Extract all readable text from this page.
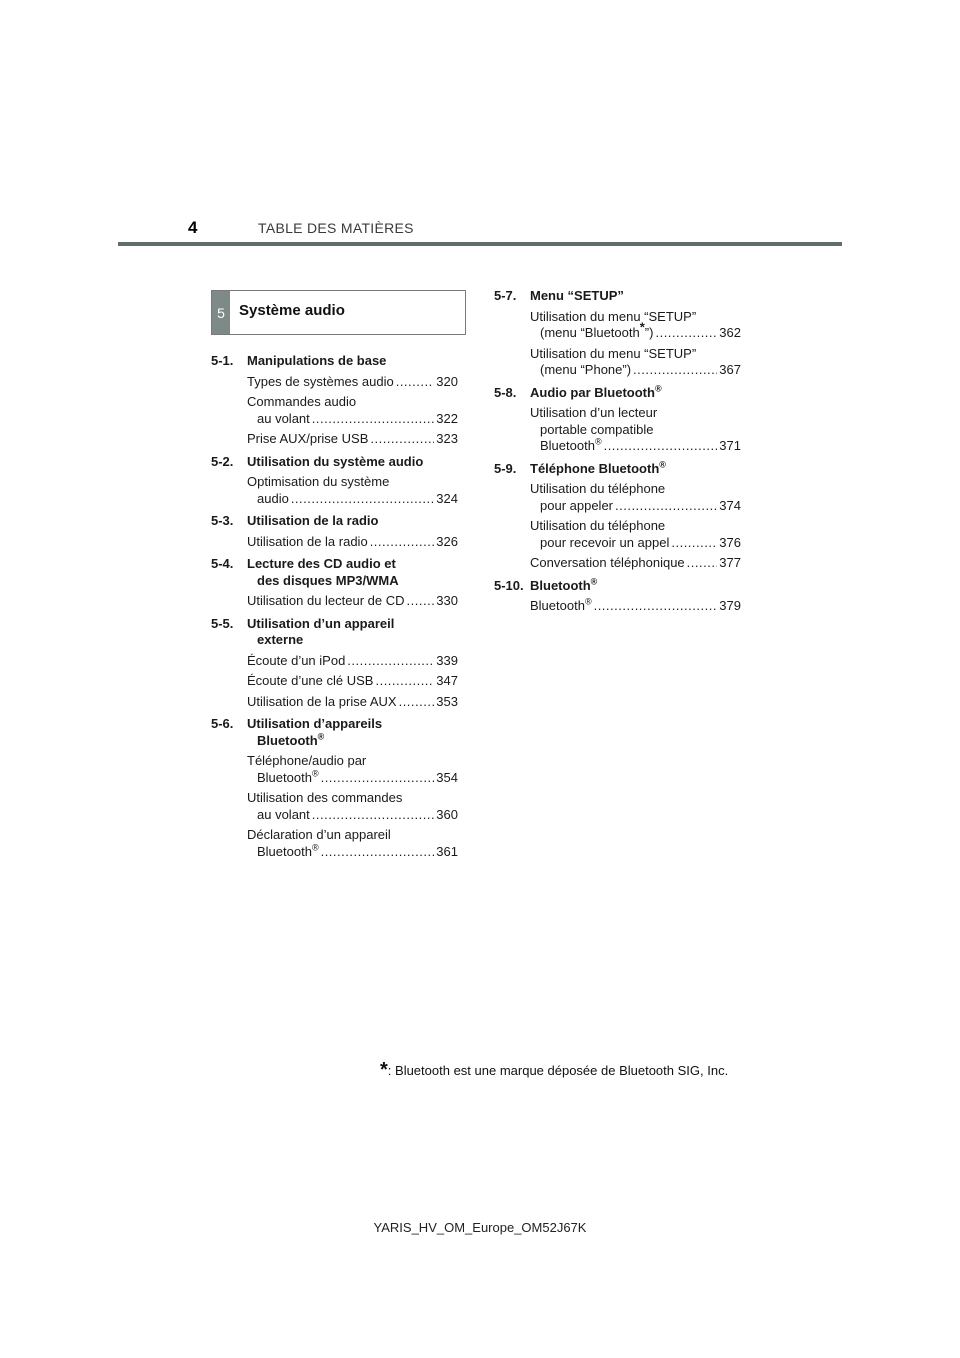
4	TABLE DES MATIÈRES
5 Système audio
5-1.	Manipulations de base
Types de systèmes audio .....	320
Commandes audio
au volant .....	322
Prise AUX/prise USB .....	323
5-2.	Utilisation du système audio
Optimisation du système
audio .....	324
5-3.	Utilisation de la radio
Utilisation de la radio .....	326
5-4.	Lecture des CD audio et
des disques MP3/WMA
Utilisation du lecteur de CD ..... 330
5-5.	Utilisation d’un appareil
externe
Écoute d’un iPod .....	339
Écoute d’une clé USB .....	347
Utilisation de la prise AUX .....	353
5-6.	Utilisation d’appareils
Bluetooth®
Téléphone/audio par
Bluetooth® .....	354
Utilisation des commandes
au volant .....	360
Déclaration d’un appareil
Bluetooth® .....	361
5-7.	Menu “SETUP”
Utilisation du menu “SETUP”
(menu “Bluetooth*”) .....	362
Utilisation du menu “SETUP”
(menu “Phone”) .....	367
5-8.	Audio par Bluetooth®
Utilisation d’un lecteur
portable compatible
Bluetooth® .....	371
5-9.	Téléphone Bluetooth®
Utilisation du téléphone
pour appeler .....	374
Utilisation du téléphone
pour recevoir un appel .....	376
Conversation téléphonique .....	377
5-10. Bluetooth®
Bluetooth® .....	379
*: Bluetooth est une marque déposée de Bluetooth SIG, Inc.
YARIS_HV_OM_Europe_OM52J67K
